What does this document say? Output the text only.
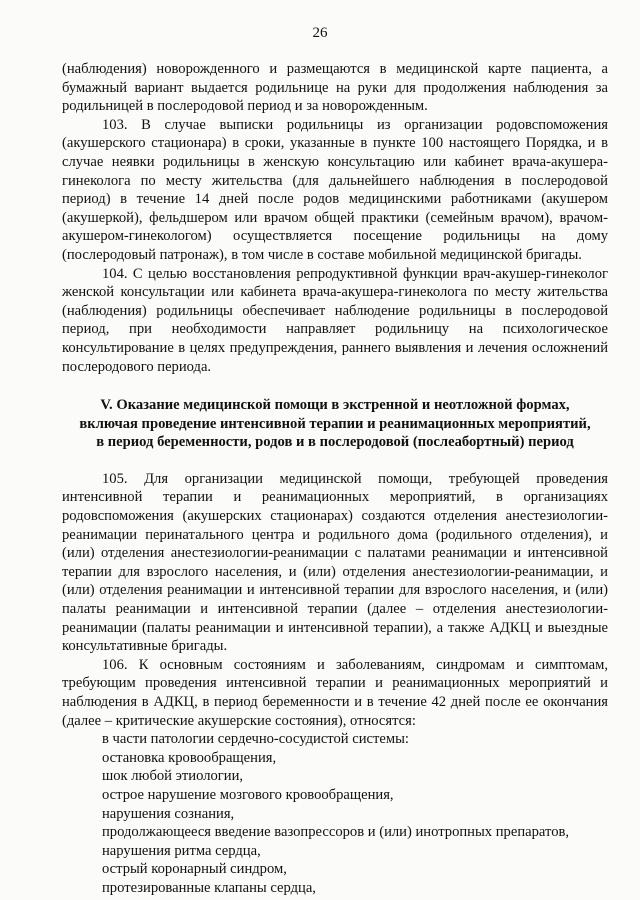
26

(наблюдения) новорожденного и размещаются в медицинской карте пациента, а бумажный вариант выдается родильнице на руки для продолжения наблюдения за родильницей в послеродовой период и за новорожденным.

103. В случае выписки родильницы из организации родовспоможения (акушерского стационара) в сроки, указанные в пункте 100 настоящего Порядка, и в случае неявки родильницы в женскую консультацию или кабинет врача-акушера-гинеколога по месту жительства (для дальнейшего наблюдения в послеродовой период) в течение 14 дней после родов медицинскими работниками (акушером (акушеркой), фельдшером или врачом общей практики (семейным врачом), врачом-акушером-гинекологом) осуществляется посещение родильницы на дому (послеродовый патронаж), в том числе в составе мобильной медицинской бригады.

104. С целью восстановления репродуктивной функции врач-акушер-гинеколог женской консультации или кабинета врача-акушера-гинеколога по месту жительства (наблюдения) родильницы обеспечивает наблюдение родильницы в послеродовой период, при необходимости направляет родильницу на психологическое консультирование в целях предупреждения, раннего выявления и лечения осложнений послеродового периода.

V. Оказание медицинской помощи в экстренной и неотложной формах,
включая проведение интенсивной терапии и реанимационных мероприятий,
в период беременности, родов и в послеродовой (послеабортный) период

105. Для организации медицинской помощи, требующей проведения интенсивной терапии и реанимационных мероприятий, в организациях родовспоможения (акушерских стационарах) создаются отделения анестезиологии-реанимации перинатального центра и родильного дома (родильного отделения), и (или) отделения анестезиологии-реанимации с палатами реанимации и интенсивной терапии для взрослого населения, и (или) отделения анестезиологии-реанимации, и (или) отделения реанимации и интенсивной терапии для взрослого населения, и (или) палаты реанимации и интенсивной терапии (далее – отделения анестезиологии-реанимации (палаты реанимации и интенсивной терапии), а также АДКЦ и выездные консультативные бригады.

106. К основным состояниям и заболеваниям, синдромам и симптомам, требующим проведения интенсивной терапии и реанимационных мероприятий и наблюдения в АДКЦ, в период беременности и в течение 42 дней после ее окончания (далее – критические акушерские состояния), относятся:

в части патологии сердечно-сосудистой системы:

остановка кровообращения,

шок любой этиологии,

острое нарушение мозгового кровообращения,

нарушения сознания,

продолжающееся введение вазопрессоров и (или) инотропных препаратов,

нарушения ритма сердца,

острый коронарный синдром,

протезированные клапаны сердца,
